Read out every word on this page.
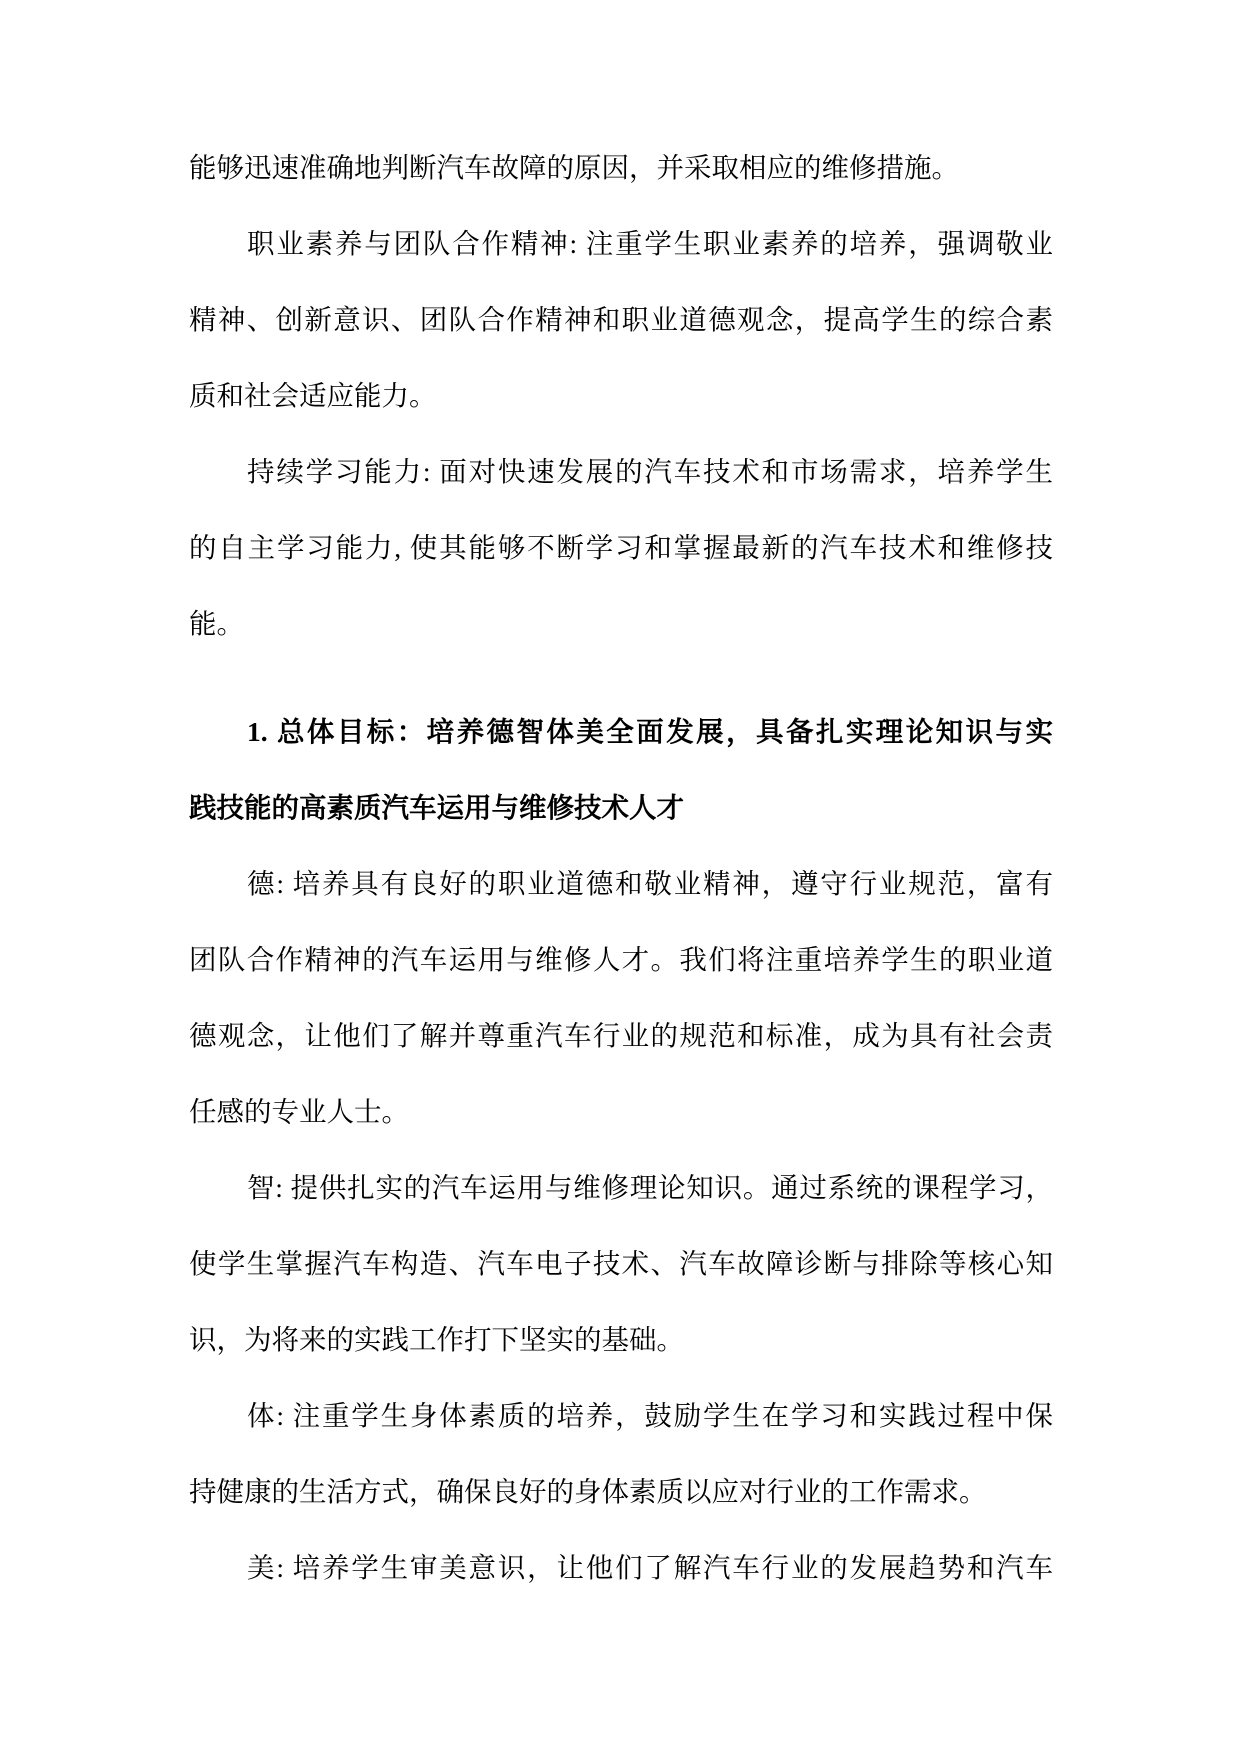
能够迅速准确地判断汽车故障的原因，并采取相应的维修措施。
职业素养与团队合作精神: 注重学生职业素养的培养，强调敬业
精神、创新意识、团队合作精神和职业道德观念，提高学生的综合素
质和社会适应能力。
持续学习能力: 面对快速发展的汽车技术和市场需求，培养学生
的自主学习能力, 使其能够不断学习和掌握最新的汽车技术和维修技
能。
1. 总体目标：培养德智体美全面发展，具备扎实理论知识与实
践技能的高素质汽车运用与维修技术人才
德: 培养具有良好的职业道德和敬业精神，遵守行业规范，富有
团队合作精神的汽车运用与维修人才。我们将注重培养学生的职业道
德观念，让他们了解并尊重汽车行业的规范和标准，成为具有社会责
任感的专业人士。
智: 提供扎实的汽车运用与维修理论知识。通过系统的课程学习，
使学生掌握汽车构造、汽车电子技术、汽车故障诊断与排除等核心知
识，为将来的实践工作打下坚实的基础。
体: 注重学生身体素质的培养，鼓励学生在学习和实践过程中保
持健康的生活方式，确保良好的身体素质以应对行业的工作需求。
美: 培养学生审美意识，让他们了解汽车行业的发展趋势和汽车
